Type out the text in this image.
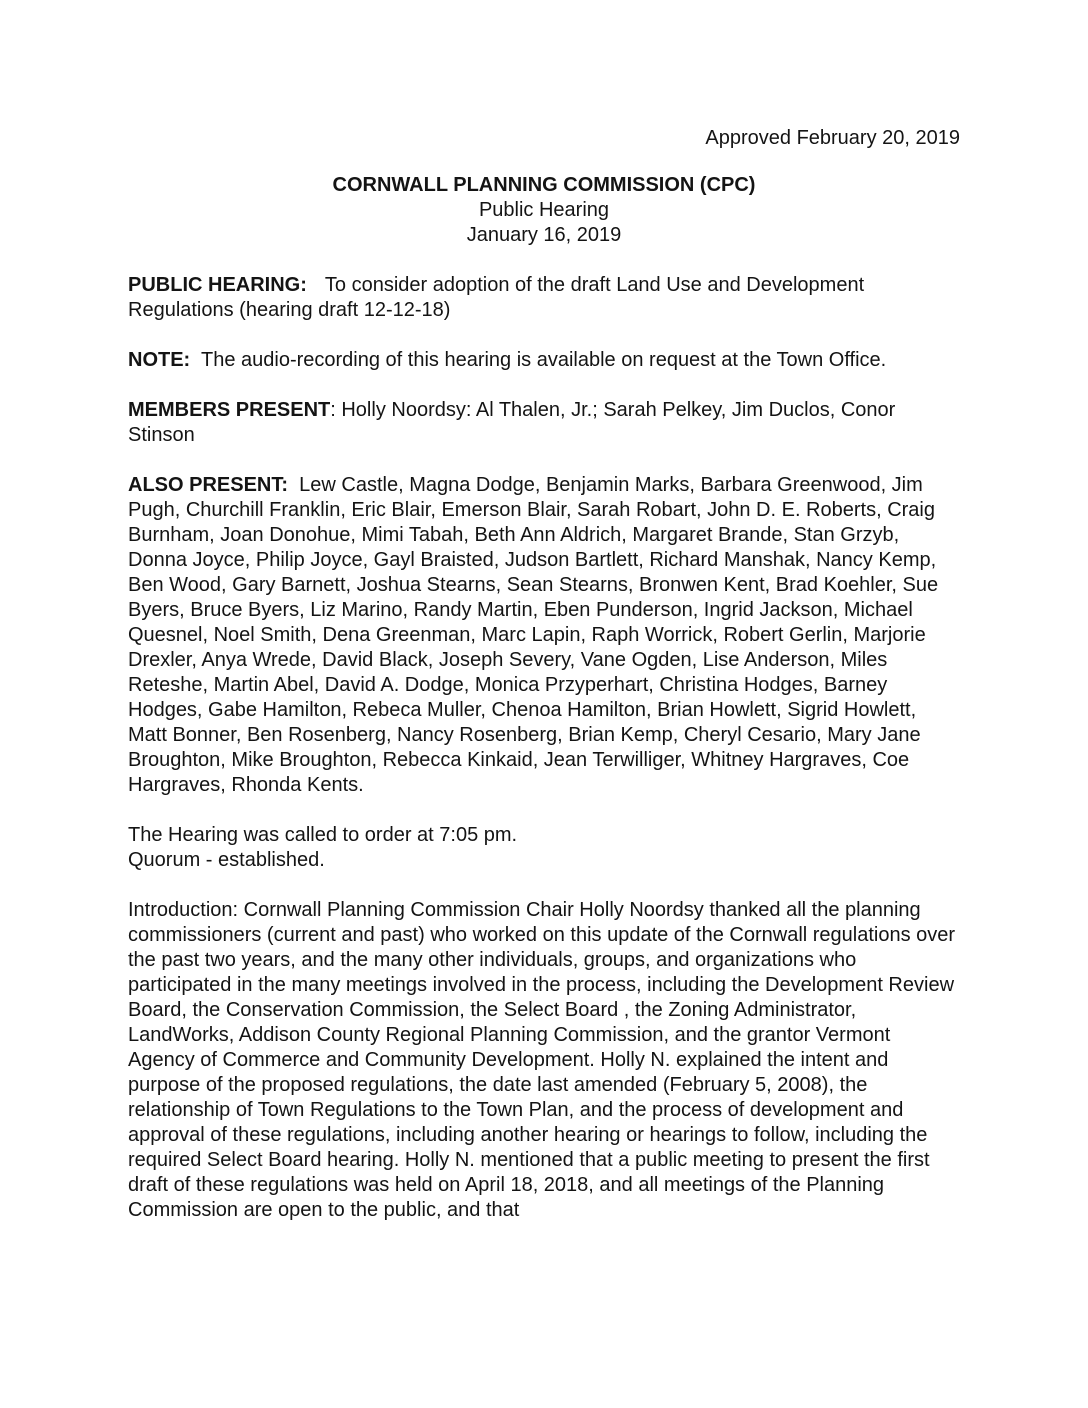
Approved February 20, 2019

CORNWALL PLANNING COMMISSION (CPC)

Public Hearing

January 16, 2019

PUBLIC HEARING: To consider adoption of the draft Land Use and Development Regulations (hearing draft 12-12-18)

NOTE: The audio-recording of this hearing is available on request at the Town Office.

MEMBERS PRESENT: Holly Noordsy: Al Thalen, Jr.; Sarah Pelkey, Jim Duclos, Conor Stinson

ALSO PRESENT: Lew Castle, Magna Dodge, Benjamin Marks, Barbara Greenwood, Jim Pugh, Churchill Franklin, Eric Blair, Emerson Blair, Sarah Robart, John D. E. Roberts, Craig Burnham, Joan Donohue, Mimi Tabah, Beth Ann Aldrich, Margaret Brande, Stan Grzyb, Donna Joyce, Philip Joyce, Gayl Braisted, Judson Bartlett, Richard Manshak, Nancy Kemp, Ben Wood, Gary Barnett, Joshua Stearns, Sean Stearns, Bronwen Kent, Brad Koehler, Sue Byers, Bruce Byers, Liz Marino, Randy Martin, Eben Punderson, Ingrid Jackson, Michael Quesnel, Noel Smith, Dena Greenman, Marc Lapin, Raph Worrick, Robert Gerlin, Marjorie Drexler, Anya Wrede, David Black, Joseph Severy, Vane Ogden, Lise Anderson, Miles Reteshe, Martin Abel, David A. Dodge, Monica Przyperhart, Christina Hodges, Barney Hodges, Gabe Hamilton, Rebeca Muller, Chenoa Hamilton, Brian Howlett, Sigrid Howlett, Matt Bonner, Ben Rosenberg, Nancy Rosenberg, Brian Kemp, Cheryl Cesario, Mary Jane Broughton, Mike Broughton, Rebecca Kinkaid, Jean Terwilliger, Whitney Hargraves, Coe Hargraves, Rhonda Kents.

The Hearing was called to order at 7:05 pm.

Quorum - established.

Introduction: Cornwall Planning Commission Chair Holly Noordsy thanked all the planning commissioners (current and past) who worked on this update of the Cornwall regulations over the past two years, and the many other individuals, groups, and organizations who participated in the many meetings involved in the process, including the Development Review Board, the Conservation Commission, the Select Board , the Zoning Administrator, LandWorks, Addison County Regional Planning Commission, and the grantor Vermont Agency of Commerce and Community Development. Holly N. explained the intent and purpose of the proposed regulations, the date last amended (February 5, 2008), the relationship of Town Regulations to the Town Plan, and the process of development and approval of these regulations, including another hearing or hearings to follow, including the required Select Board hearing. Holly N. mentioned that a public meeting to present the first draft of these regulations was held on April 18, 2018, and all meetings of the Planning Commission are open to the public, and that
